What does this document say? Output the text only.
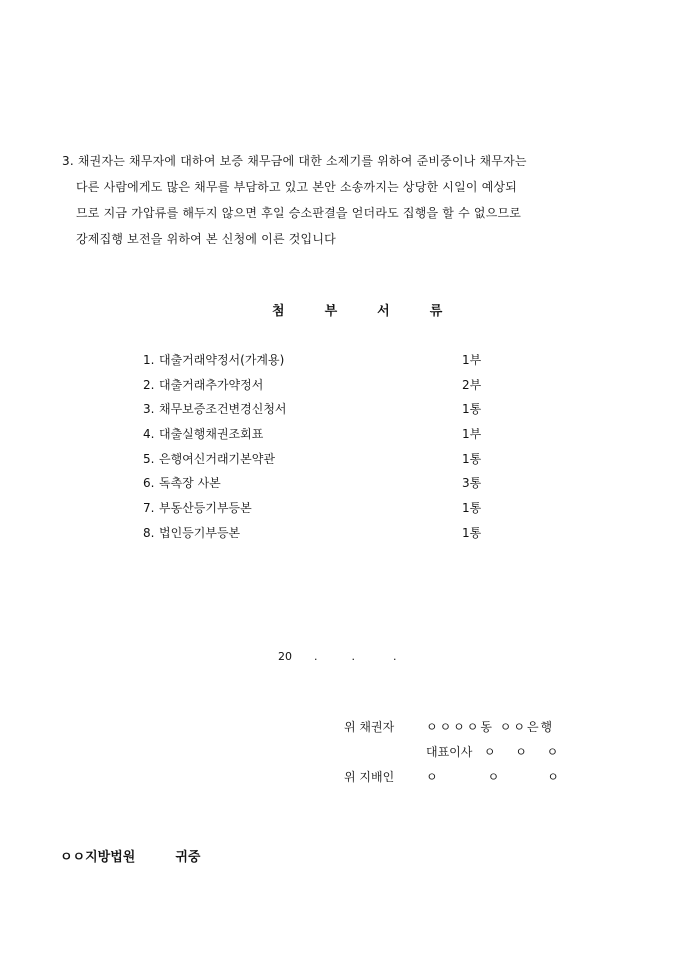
3. 채권자는 채무자에 대하여 보증 채무금에 대한 소제기를 위하여 준비중이나 채무자는
다른 사람에게도 많은 채무를 부담하고 있고 본안 소송까지는 상당한 시일이 예상되
므로 지금 가압류를 해두지 않으면 후일 승소판결을 얻더라도 집행을 할 수 없으므로
강제집행 보전을 위하여 본 신청에 이른 것입니다
첨	부	서	류
1. 대출거래약정서(가계용)	1부
2. 대출거래추가약정서	2부
3. 채무보증조건변경신청서	1통
4. 대출실행채권조회표	1부
5. 은행여신거래기본약관	1통
6. 독촉장 사본	3통
7. 부동산등기부등본	1통
8. 법인등기부등본	1통
20 .	.	.
위 채권자	ㅇㅇㅇㅇ동 ㅇㅇ은행
대표이사 ㅇ ㅇ ㅇ
위 지배인	ㅇ	ㅇ	ㅇ
ㅇㅇ지방법원	귀중
